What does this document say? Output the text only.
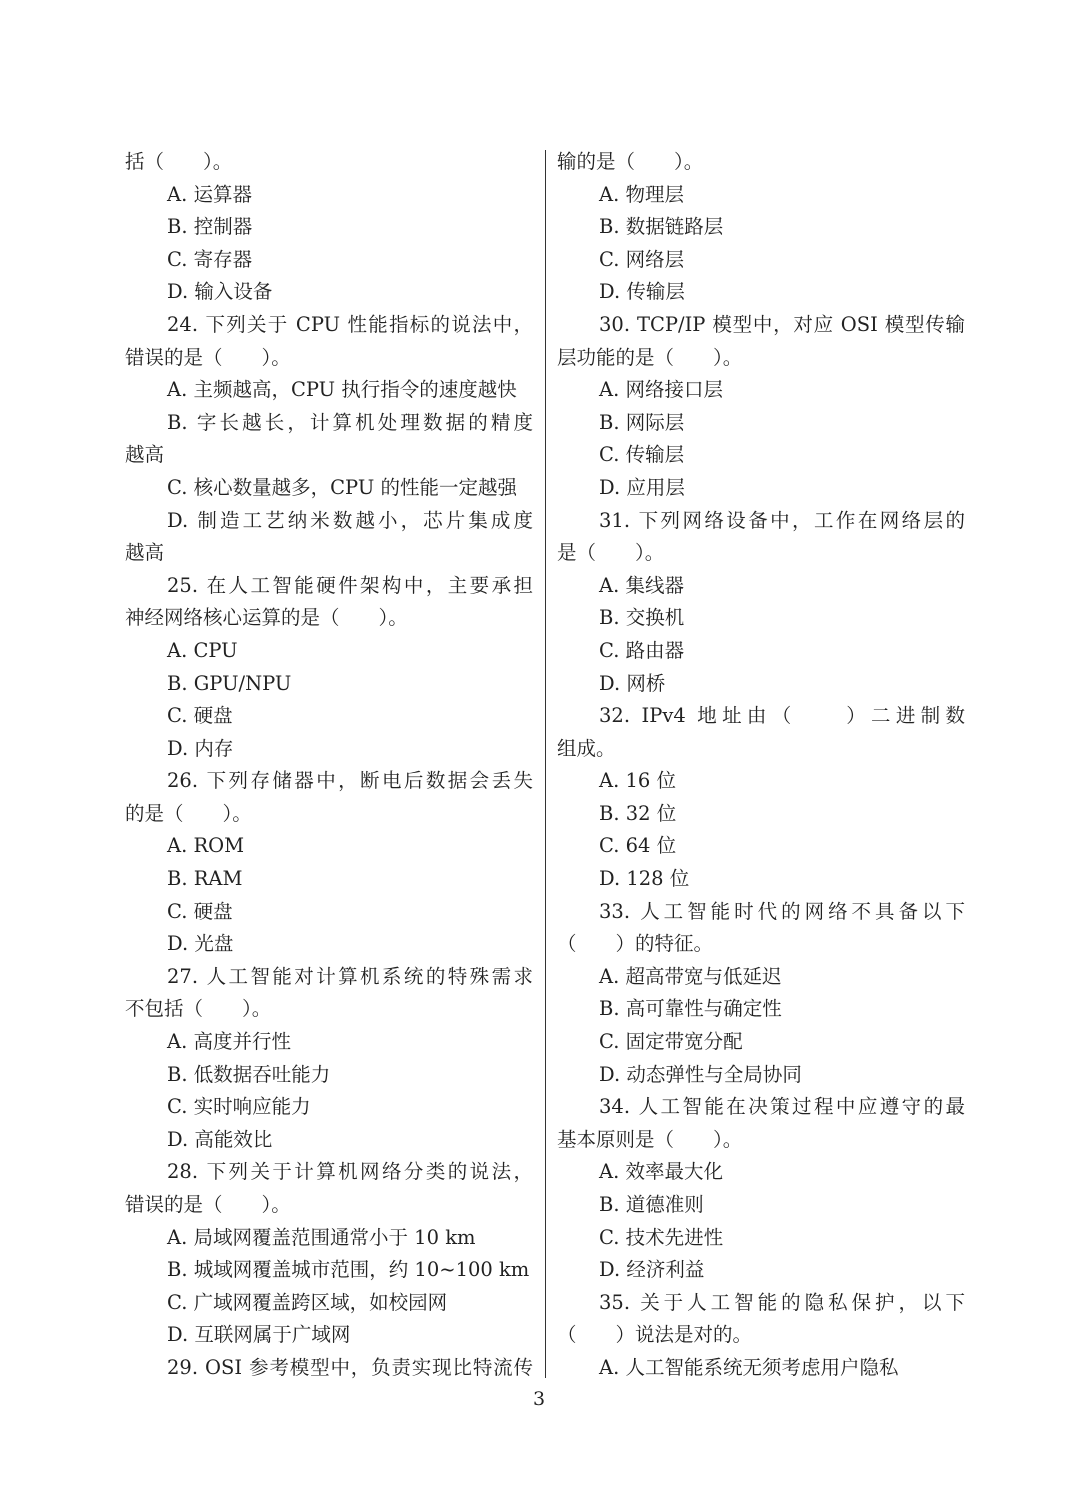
括（　　）。
A. 运算器
B. 控制器
C. 寄存器
D. 输入设备
24. 下列关于 CPU 性能指标的说法中，
错误的是（　　）。
A. 主频越高，CPU 执行指令的速度越快
B. 字长越长，计算机处理数据的精度
越高
C. 核心数量越多，CPU 的性能一定越强
D. 制造工艺纳米数越小，芯片集成度
越高
25. 在人工智能硬件架构中，主要承担
神经网络核心运算的是（　　）。
A. CPU
B. GPU/NPU
C. 硬盘
D. 内存
26. 下列存储器中，断电后数据会丢失
的是（　　）。
A. ROM
B. RAM
C. 硬盘
D. 光盘
27. 人工智能对计算机系统的特殊需求
不包括（　　）。
A. 高度并行性
B. 低数据吞吐能力
C. 实时响应能力
D. 高能效比
28. 下列关于计算机网络分类的说法，
错误的是（　　）。
A. 局域网覆盖范围通常小于 10 km
B. 城域网覆盖城市范围，约 10~100 km
C. 广域网覆盖跨区域，如校园网
D. 互联网属于广域网
29. OSI 参考模型中，负责实现比特流传
输的是（　　）。
A. 物理层
B. 数据链路层
C. 网络层
D. 传输层
30. TCP/IP 模型中，对应 OSI 模型传输
层功能的是（　　）。
A. 网络接口层
B. 网际层
C. 传输层
D. 应用层
31. 下列网络设备中，工作在网络层的
是（　　）。
A. 集线器
B. 交换机
C. 路由器
D. 网桥
32. IPv4 地址由（　　）二进制数
组成。
A. 16 位
B. 32 位
C. 64 位
D. 128 位
33. 人工智能时代的网络不具备以下
（　　）的特征。
A. 超高带宽与低延迟
B. 高可靠性与确定性
C. 固定带宽分配
D. 动态弹性与全局协同
34. 人工智能在决策过程中应遵守的最
基本原则是（　　）。
A. 效率最大化
B. 道德准则
C. 技术先进性
D. 经济利益
35. 关于人工智能的隐私保护，以下
（　　）说法是对的。
A. 人工智能系统无须考虑用户隐私
3
